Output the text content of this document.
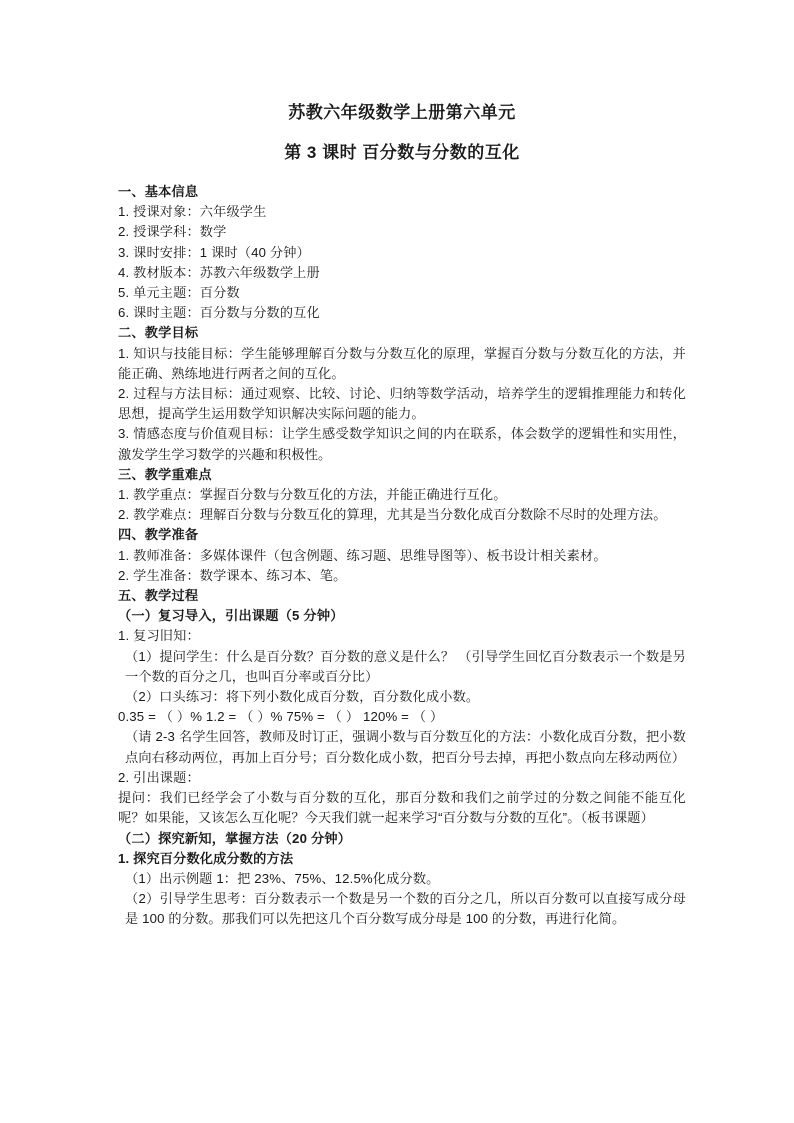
苏教六年级数学上册第六单元
第 3 课时 百分数与分数的互化

一、基本信息

1. 授课对象：六年级学生

2. 授课学科：数学

3. 课时安排：1 课时（40 分钟）

4. 教材版本：苏教六年级数学上册

5. 单元主题：百分数

6. 课时主题：百分数与分数的互化

二、教学目标

1. 知识与技能目标：学生能够理解百分数与分数互化的原理，掌握百分数与分数互化的方法，并能正确、熟练地进行两者之间的互化。

2. 过程与方法目标：通过观察、比较、讨论、归纳等数学活动，培养学生的逻辑推理能力和转化思想，提高学生运用数学知识解决实际问题的能力。

3. 情感态度与价值观目标：让学生感受数学知识之间的内在联系，体会数学的逻辑性和实用性，激发学生学习数学的兴趣和积极性。

三、教学重难点

1. 教学重点：掌握百分数与分数互化的方法，并能正确进行互化。

2. 教学难点：理解百分数与分数互化的算理，尤其是当分数化成百分数除不尽时的处理方法。

四、教学准备

1. 教师准备：多媒体课件（包含例题、练习题、思维导图等）、板书设计相关素材。

2. 学生准备：数学课本、练习本、笔。

五、教学过程

（一）复习导入，引出课题（5 分钟）

1. 复习旧知：

（1）提问学生：什么是百分数？百分数的意义是什么？ （引导学生回忆百分数表示一个数是另一个数的百分之几，也叫百分率或百分比）

（2）口头练习：将下列小数化成百分数，百分数化成小数。

0.35 = （ ）% 1.2 = （ ）% 75% = （ ） 120% = （ ）

（请 2-3 名学生回答，教师及时订正，强调小数与百分数互化的方法：小数化成百分数，把小数点向右移动两位，再加上百分号；百分数化成小数，把百分号去掉，再把小数点向左移动两位）

2. 引出课题：

提问：我们已经学会了小数与百分数的互化，那百分数和我们之前学过的分数之间能不能互化呢？如果能，又该怎么互化呢？今天我们就一起来学习“百分数与分数的互化”。（板书课题）

（二）探究新知，掌握方法（20 分钟）

1. 探究百分数化成分数的方法

（1）出示例题 1：把 23%、75%、12.5%化成分数。

（2）引导学生思考：百分数表示一个数是另一个数的百分之几，所以百分数可以直接写成分母是 100 的分数。那我们可以先把这几个百分数写成分母是 100 的分数，再进行化简。
